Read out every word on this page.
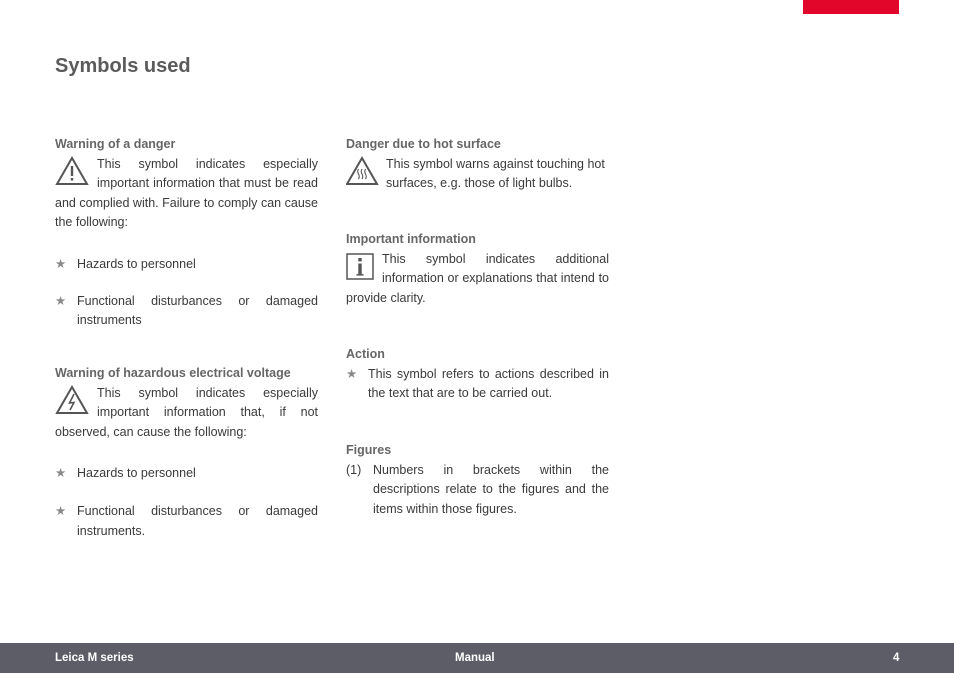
Symbols used

Warning of a danger

This symbol indicates especially important information that must be read and complied with. Failure to comply can cause the following:

★ Hazards to personnel
★ Functional disturbances or damaged instruments

Warning of hazardous electrical voltage

This symbol indicates especially important information that, if not observed, can cause the following:

★ Hazards to personnel
★ Functional disturbances or damaged instruments.

Danger due to hot surface

This symbol warns against touching hot surfaces, e.g. those of light bulbs.

Important information

This symbol indicates additional information or explanations that intend to provide clarity.

Action

★ This symbol refers to actions described in the text that are to be carried out.

Figures

(1) Numbers in brackets within the descriptions relate to the figures and the items within those figures.
Leica M series	Manual	4
